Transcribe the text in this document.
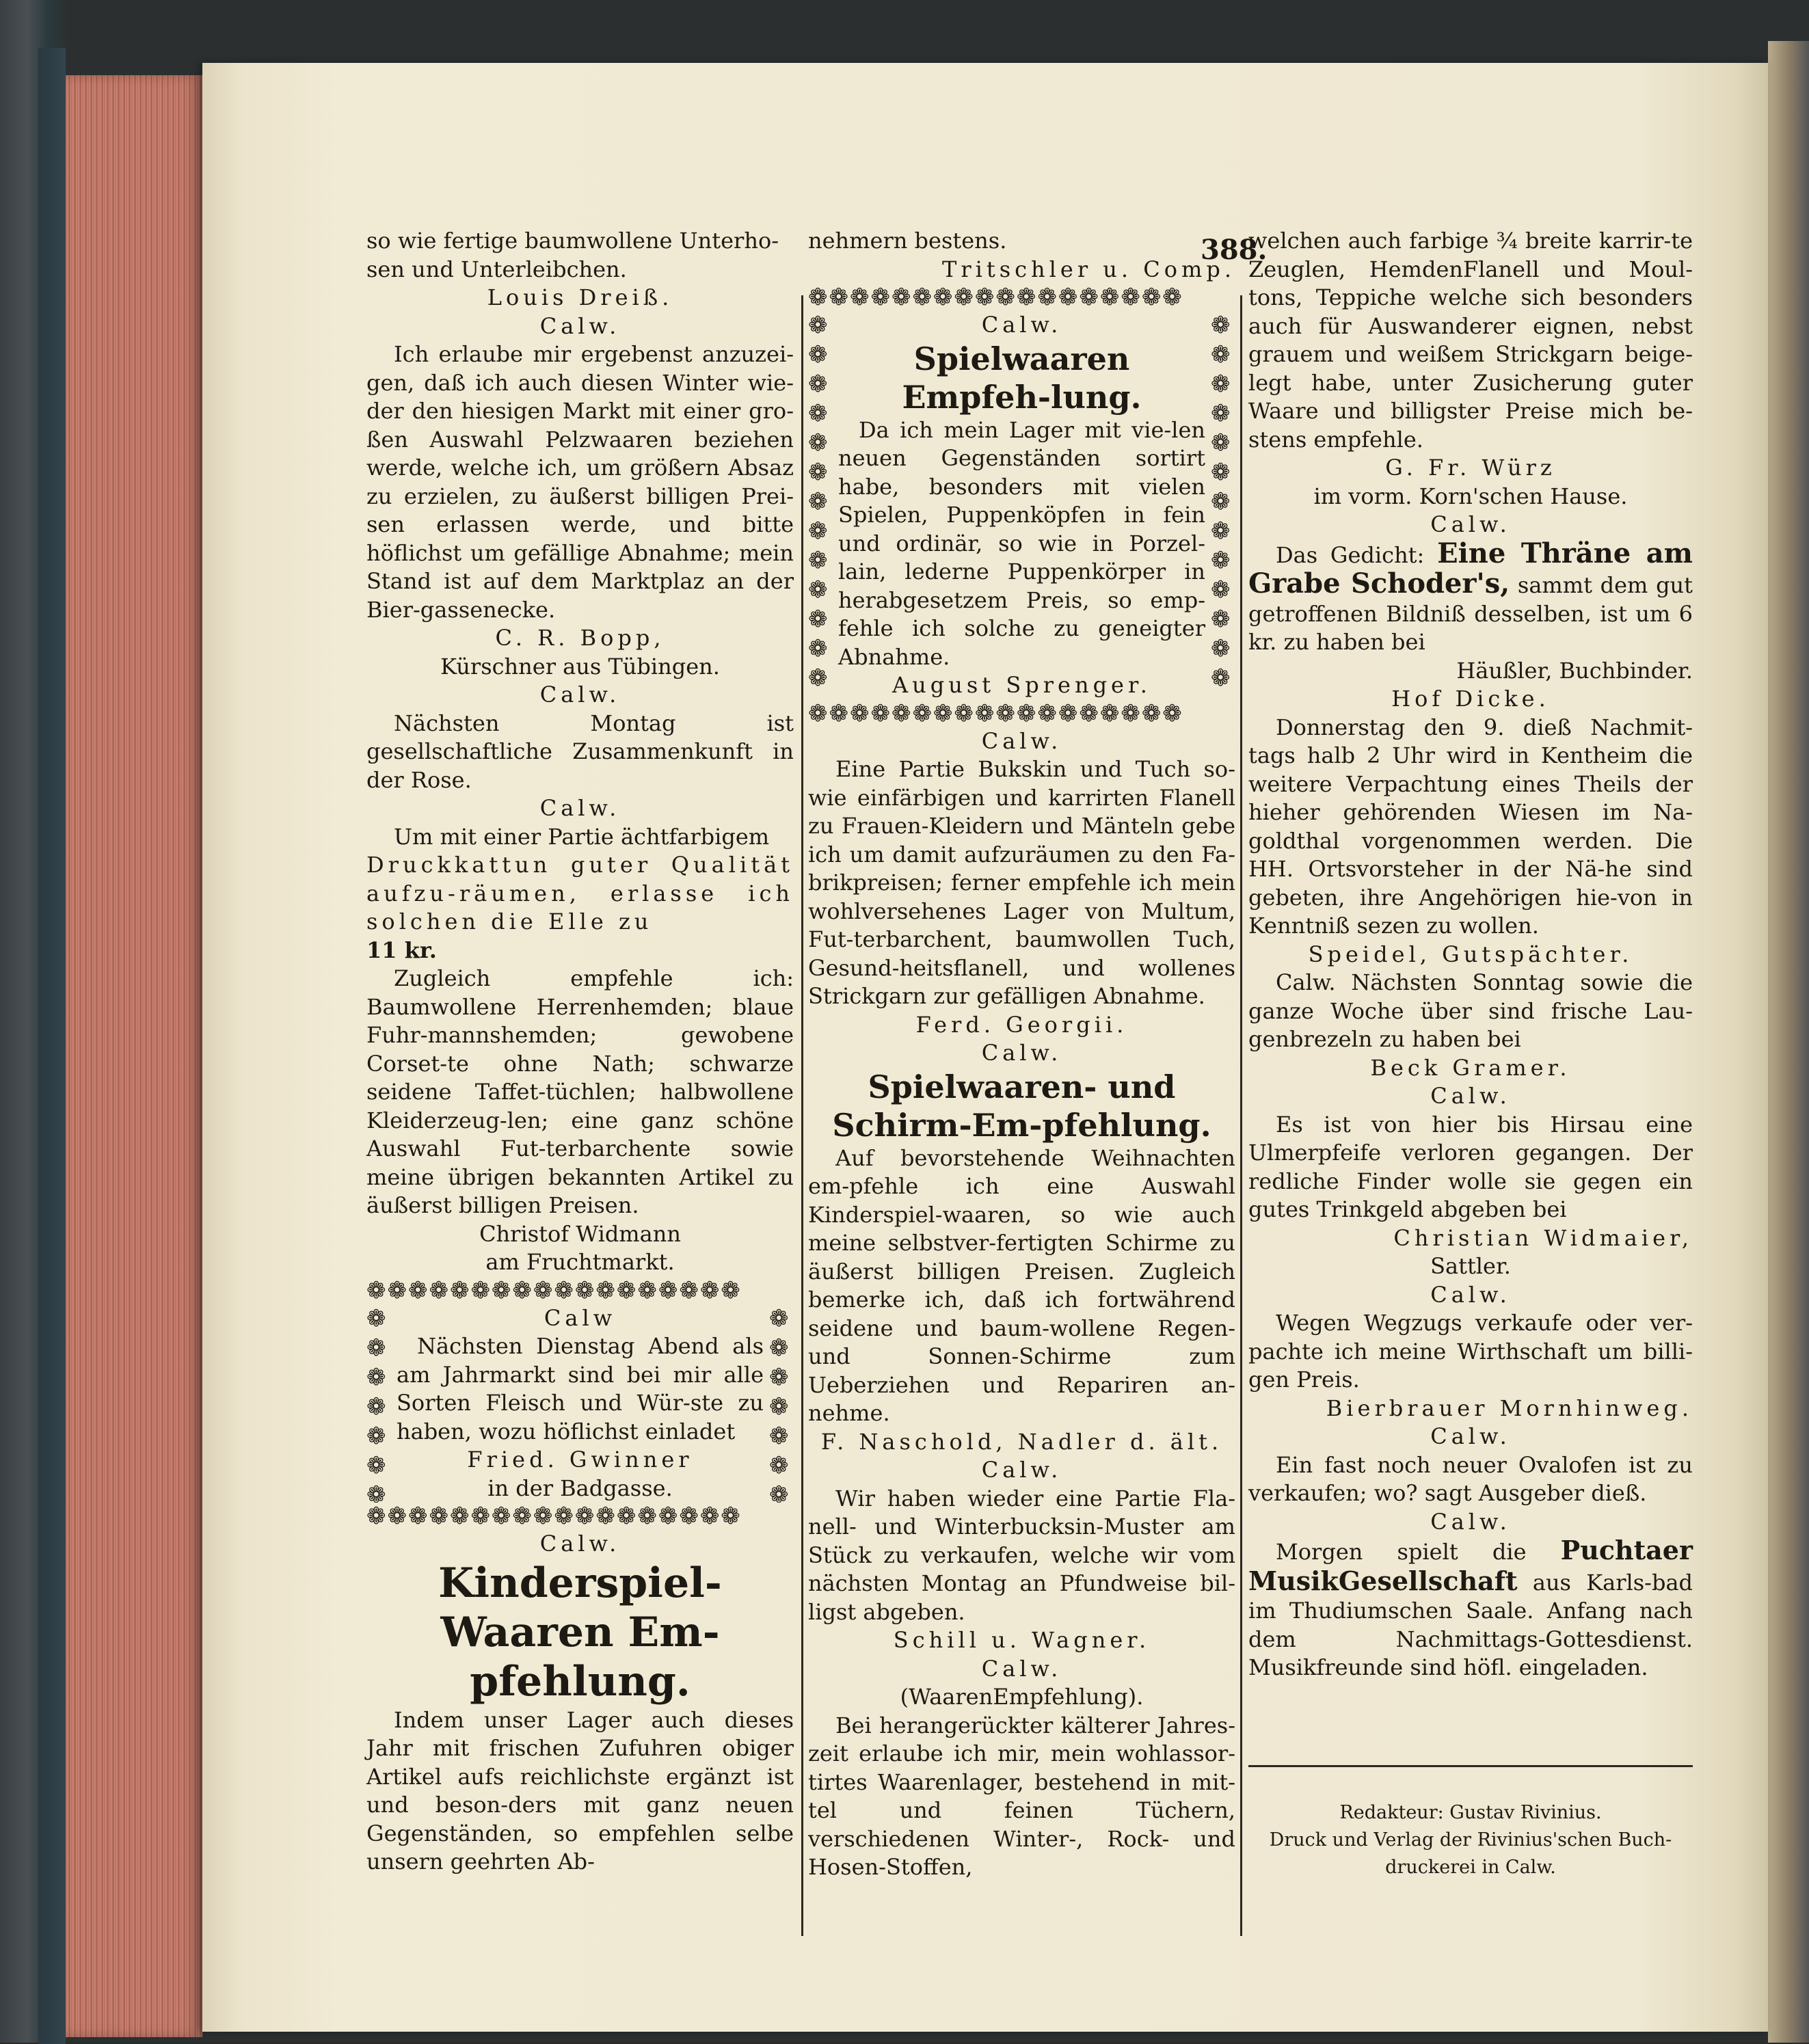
388.

so wie fertige baumwollene Unterho-

sen und Unterleibchen.

Louis Dreiß.

Calw.

Ich erlaube mir ergebenst anzuzei-gen, daß ich auch diesen Winter wie-der den hiesigen Markt mit einer gro-ßen Auswahl Pelzwaaren beziehen werde, welche ich, um größern Absaz zu erzielen, zu äußerst billigen Prei-sen erlassen werde, und bitte höflichst um gefällige Abnahme; mein Stand ist auf dem Marktplaz an der Bier-gassenecke.

C. R. Bopp,

Kürschner aus Tübingen.

Calw.

Nächsten Montag ist gesellschaftliche Zusammenkunft in der Rose.

Calw.

Um mit einer Partie ächtfarbigem

Druckkattun guter Qualität aufzu-räumen, erlasse ich solchen die Elle zu

11 kr.

Zugleich empfehle ich: Baumwollene Herrenhemden; blaue Fuhr-mannshemden; gewobene Corset-te ohne Nath; schwarze seidene Taffet-tüchlen; halbwollene Kleiderzeug-len; eine ganz schöne Auswahl Fut-terbarchente sowie meine übrigen bekannten Artikel zu äußerst billigen Preisen.

Christof Widmann

am Fruchtmarkt.

❁❁❁❁❁❁❁❁❁❁❁❁❁❁❁❁❁❁
❁ ❁ ❁ ❁ ❁ ❁ ❁
❁ ❁ ❁ ❁ ❁ ❁ ❁

Calw

Nächsten Dienstag Abend als am Jahrmarkt sind bei mir alle Sorten Fleisch und Wür-ste zu haben, wozu höflichst einladet

Fried. Gwinner

in der Badgasse.

❁❁❁❁❁❁❁❁❁❁❁❁❁❁❁❁❁❁

Calw.

Kinderspiel-Waaren Em-pfehlung.

Indem unser Lager auch dieses Jahr mit frischen Zufuhren obiger Artikel aufs reichlichste ergänzt ist und beson-ders mit ganz neuen Gegenständen, so empfehlen selbe unsern geehrten Ab-

nehmern bestens.

Tritschler u. Comp.

❁❁❁❁❁❁❁❁❁❁❁❁❁❁❁❁❁❁
❁ ❁ ❁ ❁ ❁ ❁ ❁ ❁ ❁ ❁ ❁ ❁ ❁
❁ ❁ ❁ ❁ ❁ ❁ ❁ ❁ ❁ ❁ ❁ ❁ ❁

Calw.

Spielwaaren Empfeh-lung.

Da ich mein Lager mit vie-len neuen Gegenständen sortirt habe, besonders mit vielen Spielen, Puppenköpfen in fein und ordinär, so wie in Porzel-lain, lederne Puppenkörper in herabgesetzem Preis, so emp-fehle ich solche zu geneigter Abnahme.

August Sprenger.

❁❁❁❁❁❁❁❁❁❁❁❁❁❁❁❁❁❁

Calw.

Eine Partie Bukskin und Tuch so-wie einfärbigen und karrirten Flanell zu Frauen-Kleidern und Mänteln gebe ich um damit aufzuräumen zu den Fa-brikpreisen; ferner empfehle ich mein wohlversehenes Lager von Multum, Fut-terbarchent, baumwollen Tuch, Gesund-heitsflanell, und wollenes Strickgarn zur gefälligen Abnahme.

Ferd. Georgii.

Calw.

Spielwaaren- und Schirm-Em-pfehlung.

Auf bevorstehende Weihnachten em-pfehle ich eine Auswahl Kinderspiel-waaren, so wie auch meine selbstver-fertigten Schirme zu äußerst billigen Preisen. Zugleich bemerke ich, daß ich fortwährend seidene und baum-wollene Regen- und Sonnen-Schirme zum Ueberziehen und Repariren an-nehme.

F. Naschold, Nadler d. ält.

Calw.

Wir haben wieder eine Partie Fla-nell- und Winterbucksin-Muster am Stück zu verkaufen, welche wir vom nächsten Montag an Pfundweise bil-ligst abgeben.

Schill u. Wagner.

Calw.

(WaarenEmpfehlung).

Bei herangerückter kälterer Jahres-zeit erlaube ich mir, mein wohlassor-tirtes Waarenlager, bestehend in mit-tel und feinen Tüchern, verschiedenen Winter-, Rock- und Hosen-Stoffen,

welchen auch farbige ¾ breite karrir-te Zeuglen, HemdenFlanell und Moul-tons, Teppiche welche sich besonders auch für Auswanderer eignen, nebst grauem und weißem Strickgarn beige-legt habe, unter Zusicherung guter Waare und billigster Preise mich be-stens empfehle.

G. Fr. Würz

im vorm. Korn'schen Hause.

Calw.

Das Gedicht: Eine Thräne am Grabe Schoder's, sammt dem gut getroffenen Bildniß desselben, ist um 6 kr. zu haben bei

Häußler, Buchbinder.

Hof Dicke.

Donnerstag den 9. dieß Nachmit-tags halb 2 Uhr wird in Kentheim die weitere Verpachtung eines Theils der hieher gehörenden Wiesen im Na-goldthal vorgenommen werden. Die HH. Ortsvorsteher in der Nä-he sind gebeten, ihre Angehörigen hie-von in Kenntniß sezen zu wollen.

Speidel, Gutspächter.

Calw. Nächsten Sonntag sowie die ganze Woche über sind frische Lau-genbrezeln zu haben bei

Beck Gramer.

Calw.

Es ist von hier bis Hirsau eine Ulmerpfeife verloren gegangen. Der redliche Finder wolle sie gegen ein gutes Trinkgeld abgeben bei

Christian Widmaier,

Sattler.

Calw.

Wegen Wegzugs verkaufe oder ver-pachte ich meine Wirthschaft um billi-gen Preis.

Bierbrauer Mornhinweg.

Calw.

Ein fast noch neuer Ovalofen ist zu verkaufen; wo? sagt Ausgeber dieß.

Calw.

Morgen spielt die Puchtaer MusikGesellschaft aus Karls-bad im Thudiumschen Saale. Anfang nach dem Nachmittags-Gottesdienst. Musikfreunde sind höfl. eingeladen.

Redakteur: Gustav Rivinius.
Druck und Verlag der Rivinius'schen Buch-druckerei in Calw.
